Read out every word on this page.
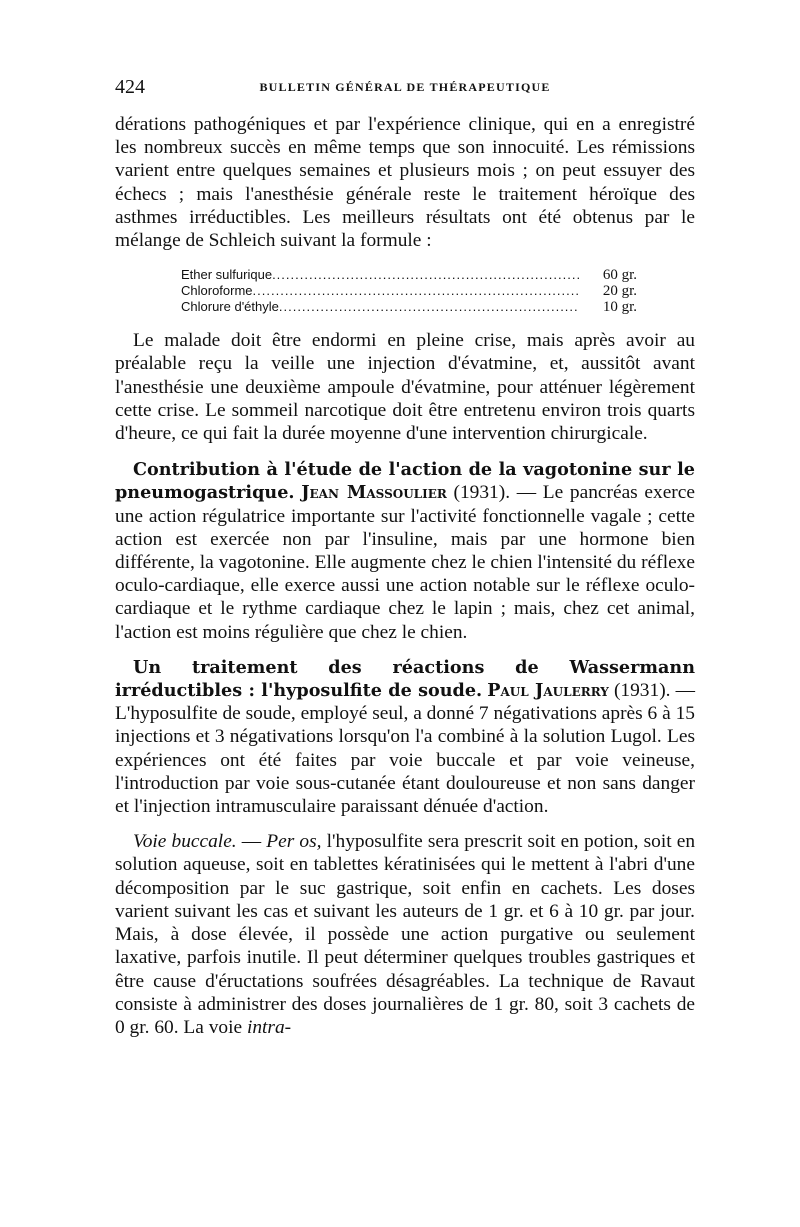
424	BULLETIN GÉNÉRAL DE THÉRAPEUTIQUE

dérations pathogéniques et par l'expérience clinique, qui en a enregistré les nombreux succès en même temps que son innocuité. Les rémissions varient entre quelques semaines et plusieurs mois ; on peut essuyer des échecs ; mais l'anesthésie générale reste le traitement héroïque des asthmes irréductibles. Les meilleurs résultats ont été obtenus par le mélange de Schleich suivant la formule :

Ether sulfurique .....	60 gr.
Chloroforme .....	20 gr.
Chlorure d'éthyle .....	10 gr.

Le malade doit être endormi en pleine crise, mais après avoir au préalable reçu la veille une injection d'évatmine, et, aussitôt avant l'anesthésie une deuxième ampoule d'évatmine, pour atténuer légèrement cette crise. Le sommeil narcotique doit être entretenu environ trois quarts d'heure, ce qui fait la durée moyenne d'une intervention chirurgicale.

Contribution à l'étude de l'action de la vagotonine sur le pneumogastrique. Jean Massoulier (1931). — Le pancréas exerce une action régulatrice importante sur l'activité fonctionnelle vagale ; cette action est exercée non par l'insuline, mais par une hormone bien différente, la vagotonine. Elle augmente chez le chien l'intensité du réflexe oculo-cardiaque, elle exerce aussi une action notable sur le réflexe oculo-cardiaque et le rythme cardiaque chez le lapin ; mais, chez cet animal, l'action est moins régulière que chez le chien.

Un traitement des réactions de Wassermann irréductibles : l'hyposulfite de soude. Paul Jaulerry (1931). — L'hyposulfite de soude, employé seul, a donné 7 négativations après 6 à 15 injections et 3 négativations lorsqu'on l'a combiné à la solution Lugol. Les expériences ont été faites par voie buccale et par voie veineuse, l'introduction par voie sous-cutanée étant douloureuse et non sans danger et l'injection intramusculaire paraissant dénuée d'action.

Voie buccale. — Per os, l'hyposulfite sera prescrit soit en potion, soit en solution aqueuse, soit en tablettes kératinisées qui le mettent à l'abri d'une décomposition par le suc gastrique, soit enfin en cachets. Les doses varient suivant les cas et suivant les auteurs de 1 gr. et 6 à 10 gr. par jour. Mais, à dose élevée, il possède une action purgative ou seulement laxative, parfois inutile. Il peut déterminer quelques troubles gastriques et être cause d'éructations soufrées désagréables. La technique de Ravaut consiste à administrer des doses journalières de 1 gr. 80, soit 3 cachets de 0 gr. 60. La voie intra-
